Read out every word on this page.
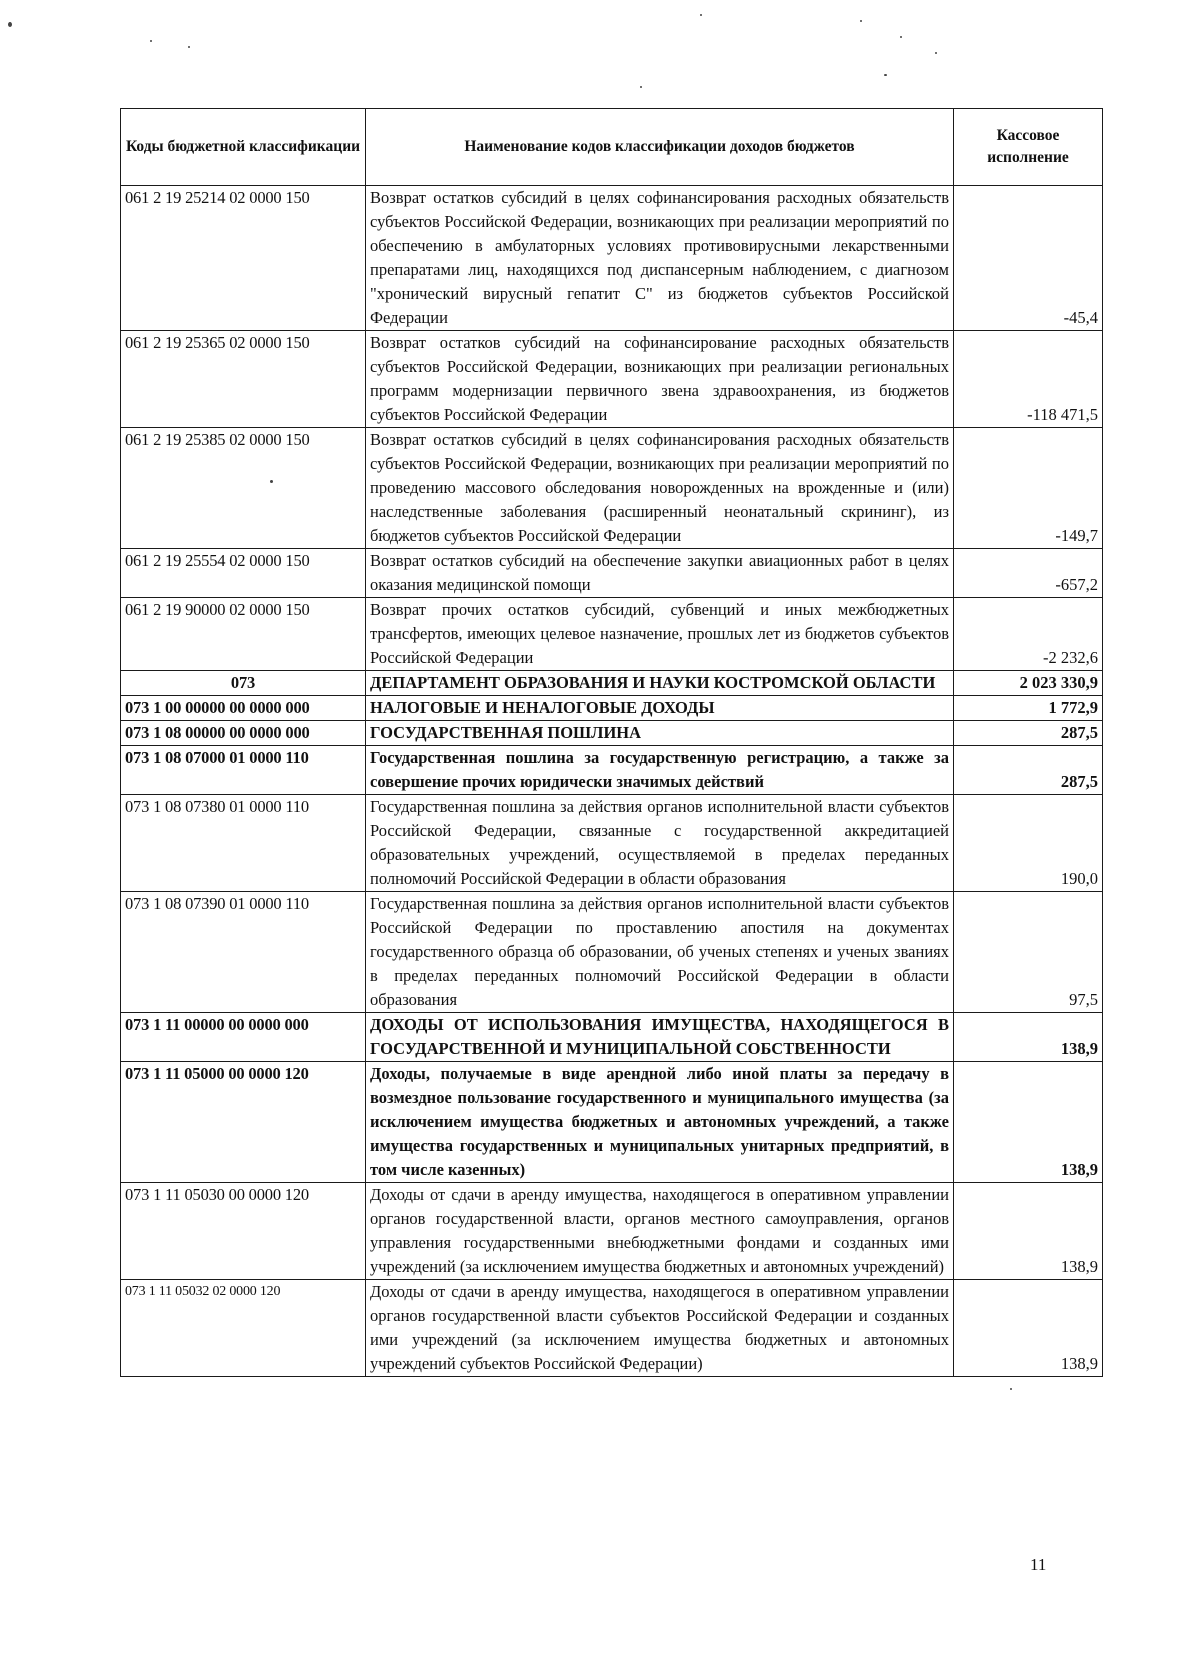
Коды бюджетной классификации	Наименование кодов классификации доходов бюджетов	Кассовое исполнение
061 2 19 25214 02 0000 150	Возврат остатков субсидий в целях софинансирования расходных обязательств субъектов Российской Федерации, возникающих при реализации мероприятий по обеспечению в амбулаторных условиях противовирусными лекарственными препаратами лиц, находящихся под диспансерным наблюдением, с диагнозом "хронический вирусный гепатит С" из бюджетов субъектов Российской Федерации	-45,4
061 2 19 25365 02 0000 150	Возврат остатков субсидий на софинансирование расходных обязательств субъектов Российской Федерации, возникающих при реализации региональных программ модернизации первичного звена здравоохранения, из бюджетов субъектов Российской Федерации	-118 471,5
061 2 19 25385 02 0000 150	Возврат остатков субсидий в целях софинансирования расходных обязательств субъектов Российской Федерации, возникающих при реализации мероприятий по проведению массового обследования новорожденных на врожденные и (или) наследственные заболевания (расширенный неонатальный скрининг), из бюджетов субъектов Российской Федерации	-149,7
061 2 19 25554 02 0000 150	Возврат остатков субсидий на обеспечение закупки авиационных работ в целях оказания медицинской помощи	-657,2
061 2 19 90000 02 0000 150	Возврат прочих остатков субсидий, субвенций и иных межбюджетных трансфертов, имеющих целевое назначение, прошлых лет из бюджетов субъектов Российской Федерации	-2 232,6
073	ДЕПАРТАМЕНТ ОБРАЗОВАНИЯ И НАУКИ КОСТРОМСКОЙ ОБЛАСТИ	2 023 330,9
073 1 00 00000 00 0000 000	НАЛОГОВЫЕ И НЕНАЛОГОВЫЕ ДОХОДЫ	1 772,9
073 1 08 00000 00 0000 000	ГОСУДАРСТВЕННАЯ ПОШЛИНА	287,5
073 1 08 07000 01 0000 110	Государственная пошлина за государственную регистрацию, а также за совершение прочих юридически значимых действий	287,5
073 1 08 07380 01 0000 110	Государственная пошлина за действия органов исполнительной власти субъектов Российской Федерации, связанные с государственной аккредитацией образовательных учреждений, осуществляемой в пределах переданных полномочий Российской Федерации в области образования	190,0
073 1 08 07390 01 0000 110	Государственная пошлина за действия органов исполнительной власти субъектов Российской Федерации по проставлению апостиля на документах государственного образца об образовании, об ученых степенях и ученых званиях в пределах переданных полномочий Российской Федерации в области образования	97,5
073 1 11 00000 00 0000 000	ДОХОДЫ ОТ ИСПОЛЬЗОВАНИЯ ИМУЩЕСТВА, НАХОДЯЩЕГОСЯ В ГОСУДАРСТВЕННОЙ И МУНИЦИПАЛЬНОЙ СОБСТВЕННОСТИ	138,9
073 1 11 05000 00 0000 120	Доходы, получаемые в виде арендной либо иной платы за передачу в возмездное пользование государственного и муниципального имущества (за исключением имущества бюджетных и автономных учреждений, а также имущества государственных и муниципальных унитарных предприятий, в том числе казенных)	138,9
073 1 11 05030 00 0000 120	Доходы от сдачи в аренду имущества, находящегося в оперативном управлении органов государственной власти, органов местного самоуправления, органов управления государственными внебюджетными фондами и созданных ими учреждений (за исключением имущества бюджетных и автономных учреждений)	138,9
073 1 11 05032 02 0000 120	Доходы от сдачи в аренду имущества, находящегося в оперативном управлении органов государственной власти субъектов Российской Федерации и созданных ими учреждений (за исключением имущества бюджетных и автономных учреждений субъектов Российской Федерации)	138,9
11
